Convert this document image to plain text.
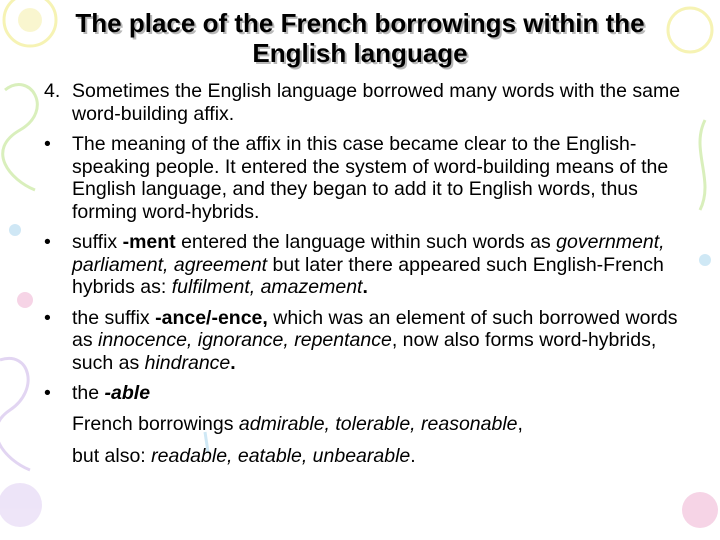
The place of the French borrowings within the
English language
4. Sometimes the English language borrowed many words with the same word-building affix.
• The meaning of the affix in this case became clear to the English-speaking people. It entered the system of word-building means of the English language, and they began to add it to English words, thus forming word-hybrids.
• suffix -ment entered the language within such words as government, parliament, agreement but later there appeared such English-French hybrids as: fulfilment, amazement.
• the suffix -ance/-ence, which was an element of such borrowed words as innocence, ignorance, repentance, now also forms word-hybrids, such as hindrance.
• the -able
French borrowings admirable, tolerable, reasonable,
but also: readable, eatable, unbearable.
